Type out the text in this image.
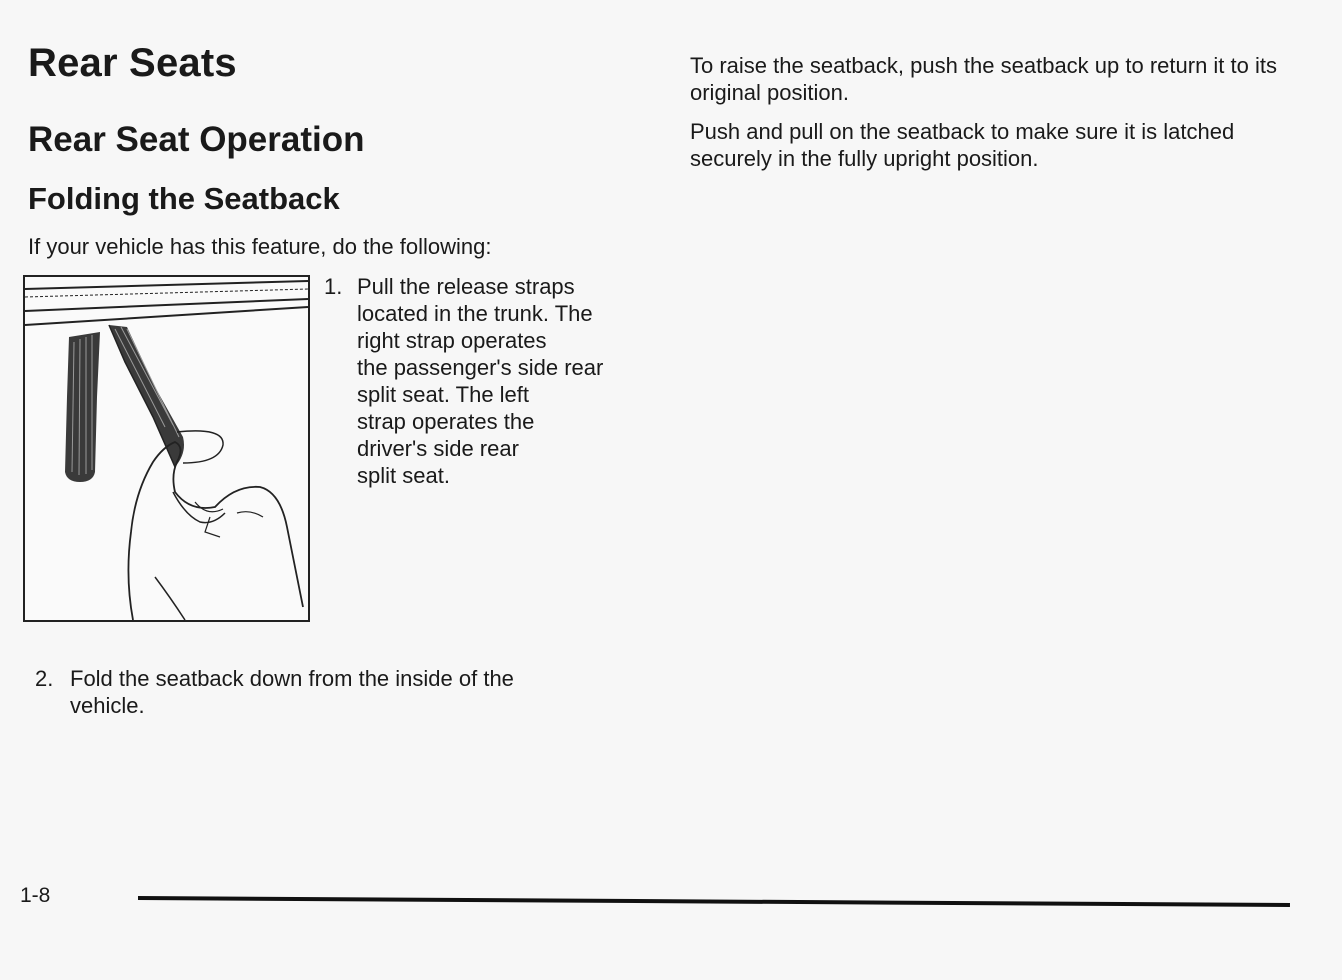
Rear Seats
Rear Seat Operation
Folding the Seatback

If your vehicle has this feature, do the following:

1. Pull the release straps
located in the trunk. The
right strap operates
the passenger's side rear
split seat. The left
strap operates the
driver's side rear
split seat.
2. Fold the seatback down from the inside of the vehicle.

To raise the seatback, push the seatback up to return it to its original position.

Push and pull on the seatback to make sure it is latched securely in the fully upright position.

1-8
